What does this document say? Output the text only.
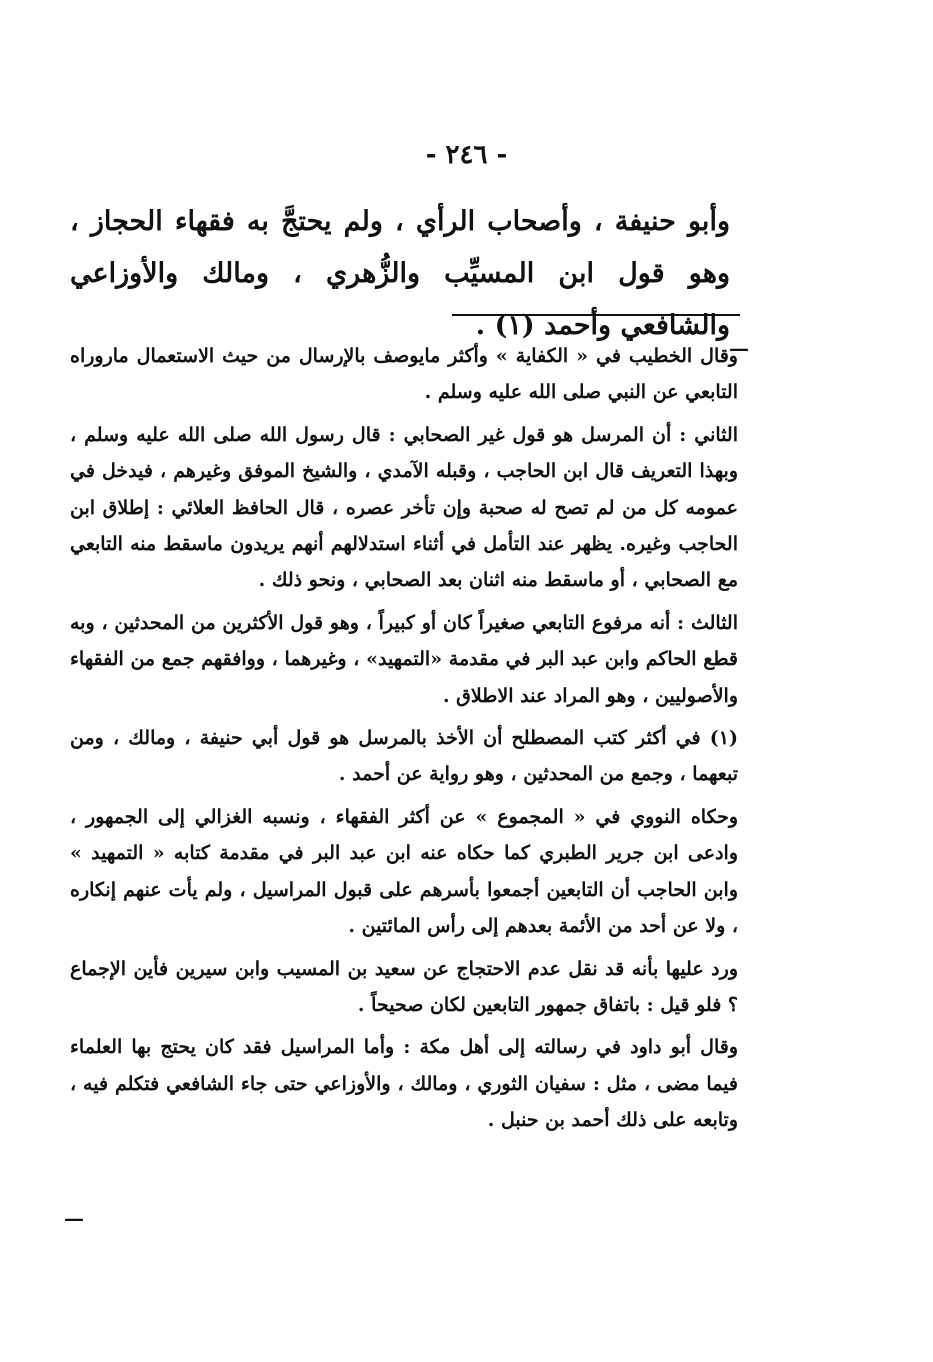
- ٢٤٦ -

وأبو حنيفة ، وأصحاب الرأي ، ولم يحتجَّ به فقهاء الحجاز ، وهو قول ابن المسيِّب والزُّهري ، ومالك والأوزاعي والشافعي وأحمد (١) .

—

وقال الخطيب في « الكفاية » وأكثر مايوصف بالإرسال من حيث الاستعمال ماروراه التابعي عن النبي صلى الله عليه وسلم .

الثاني : أن المرسل هو قول غير الصحابي : قال رسول الله صلى الله عليه وسلم ، وبهذا التعريف قال ابن الحاجب ، وقبله الآمدي ، والشيخ الموفق وغيرهم ، فيدخل في عمومه كل من لم تصح له صحبة وإن تأخر عصره ، قال الحافظ العلائي : إطلاق ابن الحاجب وغيره. يظهر عند التأمل في أثناء استدلالهم أنهم يريدون ماسقط منه التابعي مع الصحابي ، أو ماسقط منه اثنان بعد الصحابي ، ونحو ذلك .

الثالث : أنه مرفوع التابعي صغيراً كان أو كبيراً ، وهو قول الأكثرين من المحدثين ، وبه قطع الحاكم وابن عبد البر في مقدمة «التمهيد» ، وغيرهما ، ووافقهم جمع من الفقهاء والأصوليين ، وهو المراد عند الاطلاق .

(١) في أكثر كتب المصطلح أن الأخذ بالمرسل هو قول أبي حنيفة ، ومالك ، ومن تبعهما ، وجمع من المحدثين ، وهو رواية عن أحمد .

وحكاه النووي في « المجموع » عن أكثر الفقهاء ، ونسبه الغزالي إلى الجمهور ، وادعى ابن جرير الطبري كما حكاه عنه ابن عبد البر في مقدمة كتابه « التمهيد » وابن الحاجب أن التابعين أجمعوا بأسرهم على قبول المراسيل ، ولم يأت عنهم إنكاره ، ولا عن أحد من الأئمة بعدهم إلى رأس المائتين .

ورد عليها بأنه قد نقل عدم الاحتجاج عن سعيد بن المسيب وابن سيرين فأين الإجماع ؟ فلو قيل : باتفاق جمهور التابعين لكان صحيحاً .

وقال أبو داود في رسالته إلى أهل مكة : وأما المراسيل فقد كان يحتج بها العلماء فيما مضى ، مثل : سفيان الثوري ، ومالك ، والأوزاعي حتى جاء الشافعي فتكلم فيه ، وتابعه على ذلك أحمد بن حنبل .

—
